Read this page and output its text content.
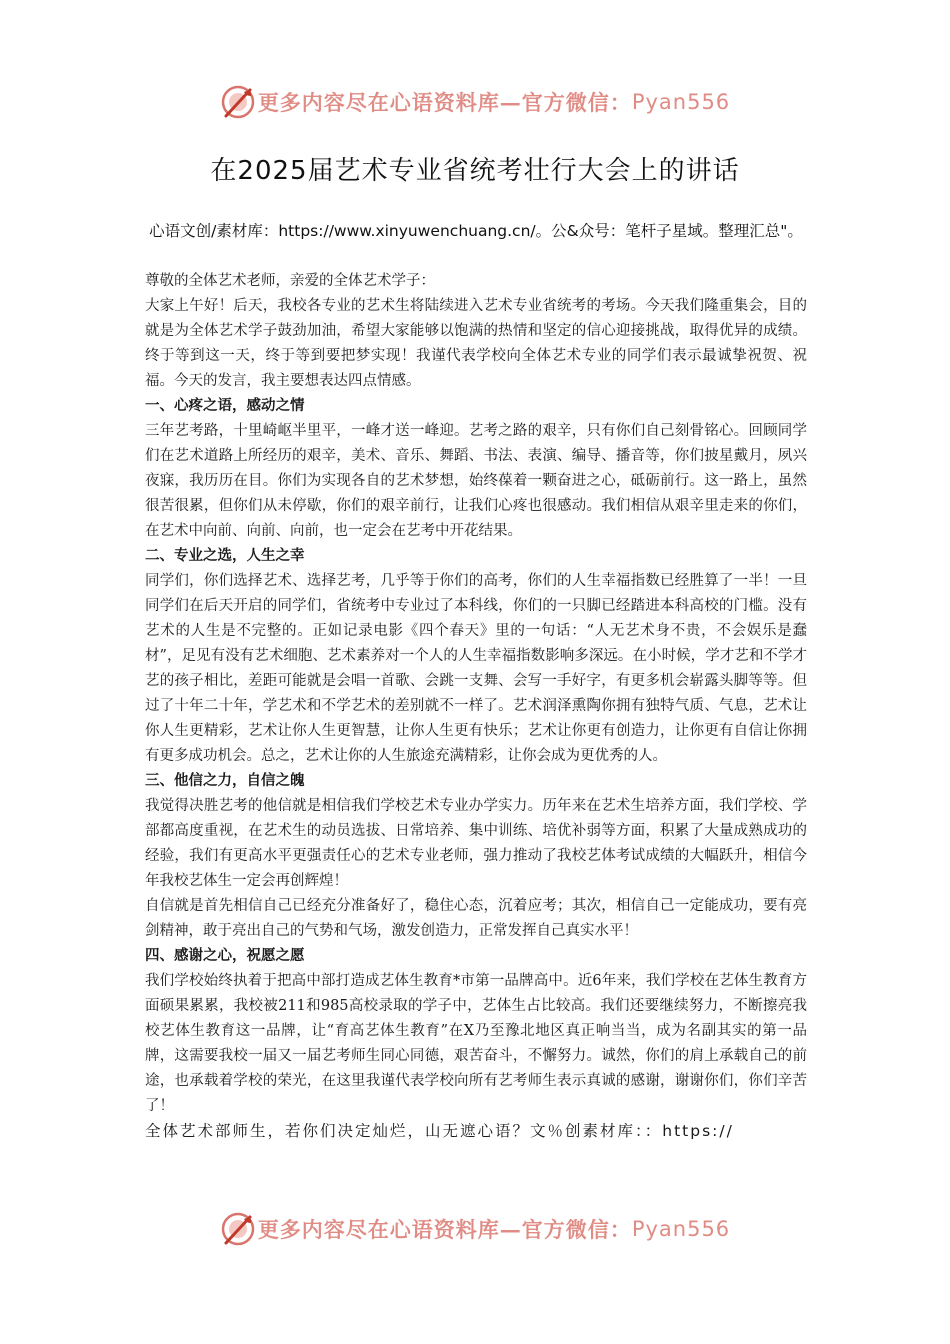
更多内容尽在心语资料库—官方微信： Pyan556
在2025届艺术专业省统考壮行大会上的讲话
心语文创/素材库：https://www.xinyuwenchuang.cn/。公&众号：笔杆子星域。整理汇总"。

尊敬的全体艺术老师，亲爱的全体艺术学子：

大家上午好！后天，我校各专业的艺术生将陆续进入艺术专业省统考的考场。今天我们隆重集会，目的就是为全体艺术学子鼓劲加油，希望大家能够以饱满的热情和坚定的信心迎接挑战，取得优异的成绩。终于等到这一天，终于等到要把梦实现！我谨代表学校向全体艺术专业的同学们表示最诚挚祝贺、祝福。今天的发言，我主要想表达四点情感。

一、心疼之语，感动之情

三年艺考路，十里崎岖半里平，一峰才送一峰迎。艺考之路的艰辛，只有你们自己刻骨铭心。回顾同学们在艺术道路上所经历的艰辛，美术、音乐、舞蹈、书法、表演、编导、播音等，你们披星戴月，夙兴夜寐，我历历在目。你们为实现各自的艺术梦想，始终葆着一颗奋进之心，砥砺前行。这一路上，虽然很苦很累，但你们从未停歇，你们的艰辛前行，让我们心疼也很感动。我们相信从艰辛里走来的你们，在艺术中向前、向前、向前，也一定会在艺考中开花结果。

二、专业之选，人生之幸

同学们，你们选择艺术、选择艺考，几乎等于你们的高考，你们的人生幸福指数已经胜算了一半！一旦同学们在后天开启的同学们，省统考中专业过了本科线，你们的一只脚已经踏进本科高校的门槛。没有艺术的人生是不完整的。正如记录电影《四个春天》里的一句话：“人无艺术身不贵，不会娱乐是蠢材”，足见有没有艺术细胞、艺术素养对一个人的人生幸福指数影响多深远。在小时候，学才艺和不学才艺的孩子相比，差距可能就是会唱一首歌、会跳一支舞、会写一手好字，有更多机会崭露头脚等等。但过了十年二十年，学艺术和不学艺术的差别就不一样了。艺术润泽熏陶你拥有独特气质、气息，艺术让你人生更精彩，艺术让你人生更智慧，让你人生更有快乐；艺术让你更有创造力，让你更有自信让你拥有更多成功机会。总之，艺术让你的人生旅途充满精彩，让你会成为更优秀的人。

三、他信之力，自信之魄

我觉得决胜艺考的他信就是相信我们学校艺术专业办学实力。历年来在艺术生培养方面，我们学校、学部都高度重视，在艺术生的动员选拔、日常培养、集中训练、培优补弱等方面，积累了大量成熟成功的经验，我们有更高水平更强责任心的艺术专业老师，强力推动了我校艺体考试成绩的大幅跃升，相信今年我校艺体生一定会再创辉煌！

自信就是首先相信自己已经充分准备好了，稳住心态，沉着应考；其次，相信自己一定能成功，要有亮剑精神，敢于亮出自己的气势和气场，激发创造力，正常发挥自己真实水平！

四、感谢之心，祝愿之愿

我们学校始终执着于把高中部打造成艺体生教育*市第一品牌高中。近6年来，我们学校在艺体生教育方面硕果累累，我校被211和985高校录取的学子中，艺体生占比较高。我们还要继续努力，不断擦亮我校艺体生教育这一品牌，让“育高艺体生教育”在X乃至豫北地区真正响当当，成为名副其实的第一品牌，这需要我校一届又一届艺考师生同心同德，艰苦奋斗，不懈努力。诚然，你们的肩上承载自己的前途，也承载着学校的荣光，在这里我谨代表学校向所有艺考师生表示真诚的感谢，谢谢你们，你们辛苦了！

全体艺术部师生，若你们决定灿烂，山无遮心语？文％创素材库：：https://

更多内容尽在心语资料库—官方微信： Pyan556
